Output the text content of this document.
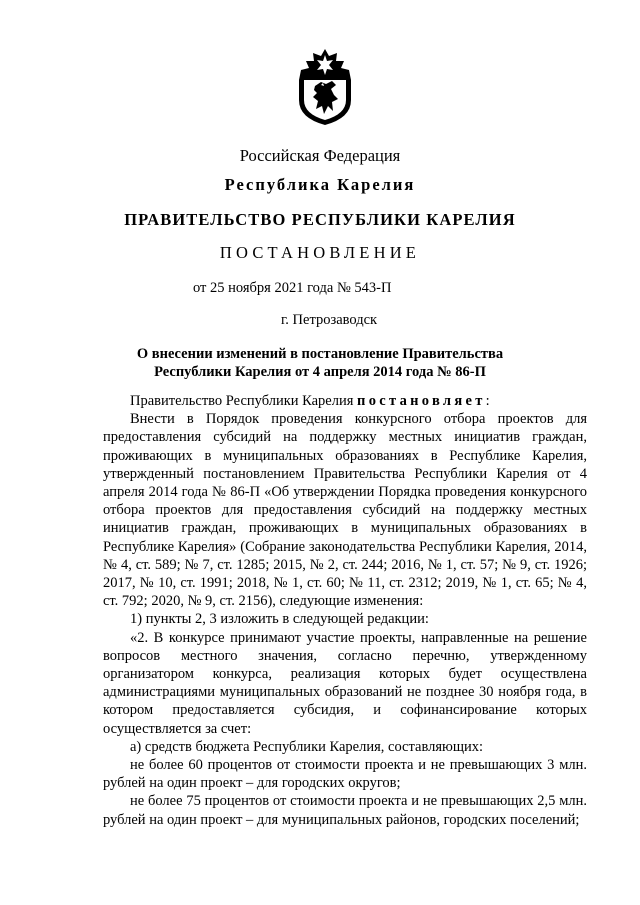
Российская Федерация
Республика Карелия
ПРАВИТЕЛЬСТВО РЕСПУБЛИКИ КАРЕЛИЯ
ПОСТАНОВЛЕНИЕ
от 25 ноября 2021 года № 543-П
г. Петрозаводск
О внесении изменений в постановление Правительства
Республики Карелия от 4 апреля 2014 года № 86-П

Правительство Республики Карелия постановляет:

Внести в Порядок проведения конкурсного отбора проектов для предоставления субсидий на поддержку местных инициатив граждан, проживающих в муниципальных образованиях в Республике Карелия, утвержденный постановлением Правительства Республики Карелия от 4 апреля 2014 года № 86-П «Об утверждении Порядка проведения конкурсного отбора проектов для предоставления субсидий на поддержку местных инициатив граждан, проживающих в муниципальных образованиях в Республике Карелия» (Собрание законодательства Республики Карелия, 2014, № 4, ст. 589; № 7, ст. 1285; 2015, № 2, ст. 244; 2016, № 1, ст. 57; № 9, ст. 1926; 2017, № 10, ст. 1991; 2018, № 1, ст. 60; № 11, ст. 2312; 2019, № 1, ст. 65; № 4, ст. 792; 2020, № 9, ст. 2156), следующие изменения:

1) пункты 2, 3 изложить в следующей редакции:

«2. В конкурсе принимают участие проекты, направленные на решение вопросов местного значения, согласно перечню, утвержденному организатором конкурса, реализация которых будет осуществлена администрациями муниципальных образований не позднее 30 ноября года, в котором предоставляется субсидия, и софинансирование которых осуществляется за счет:

а) средств бюджета Республики Карелия, составляющих:

не более 60 процентов от стоимости проекта и не превышающих 3 млн. рублей на один проект – для городских округов;

не более 75 процентов от стоимости проекта и не превышающих 2,5 млн. рублей на один проект – для муниципальных районов, городских поселений;
